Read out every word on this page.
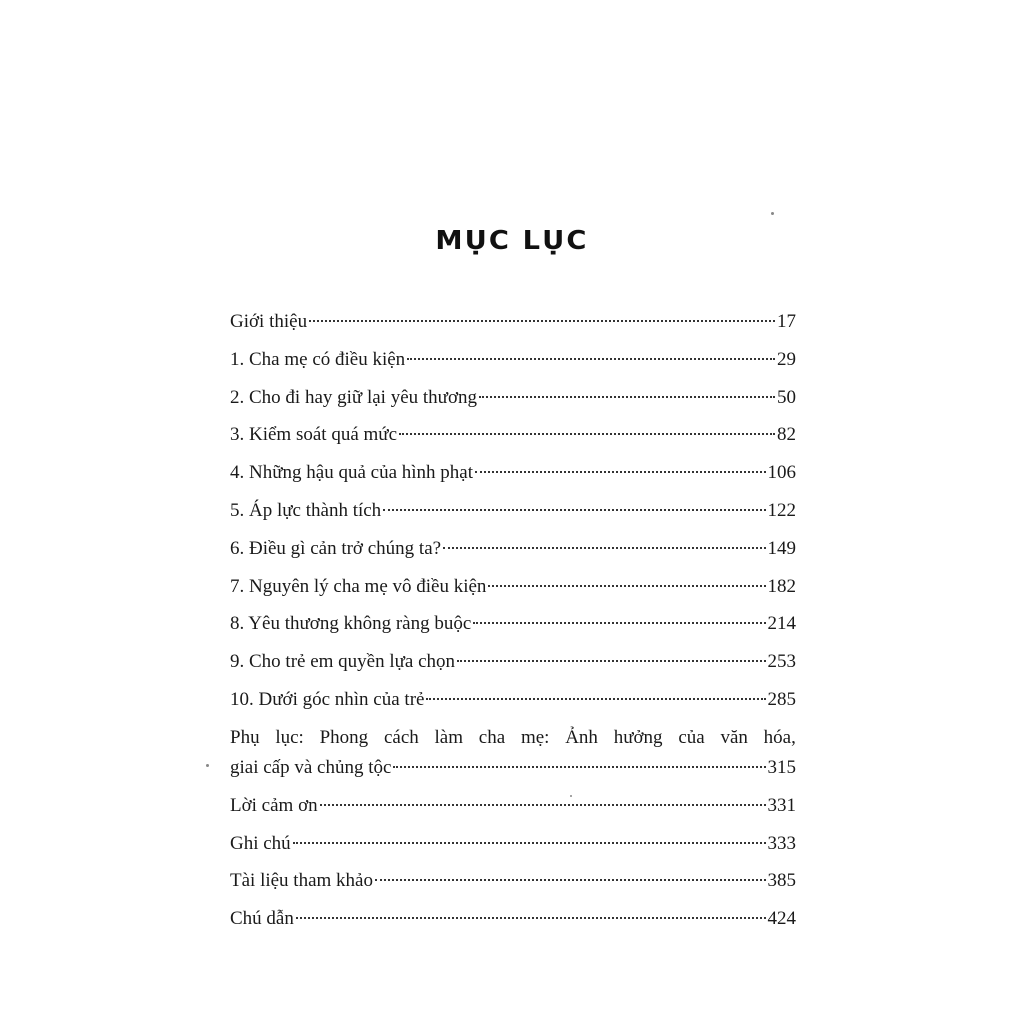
MỤC LỤC
Giới thiệu	17
1. Cha mẹ có điều kiện	29
2. Cho đi hay giữ lại yêu thương	50
3. Kiểm soát quá mức	82
4. Những hậu quả của hình phạt	106
5. Áp lực thành tích	122
6. Điều gì cản trở chúng ta?	149
7. Nguyên lý cha mẹ vô điều kiện	182
8. Yêu thương không ràng buộc	214
9. Cho trẻ em quyền lựa chọn	253
10. Dưới góc nhìn của trẻ	285
Phụ lục: Phong cách làm cha mẹ: Ảnh hưởng của văn hóa,
giai cấp và chủng tộc	315
Lời cảm ơn	331
Ghi chú	333
Tài liệu tham khảo	385
Chú dẫn	424
